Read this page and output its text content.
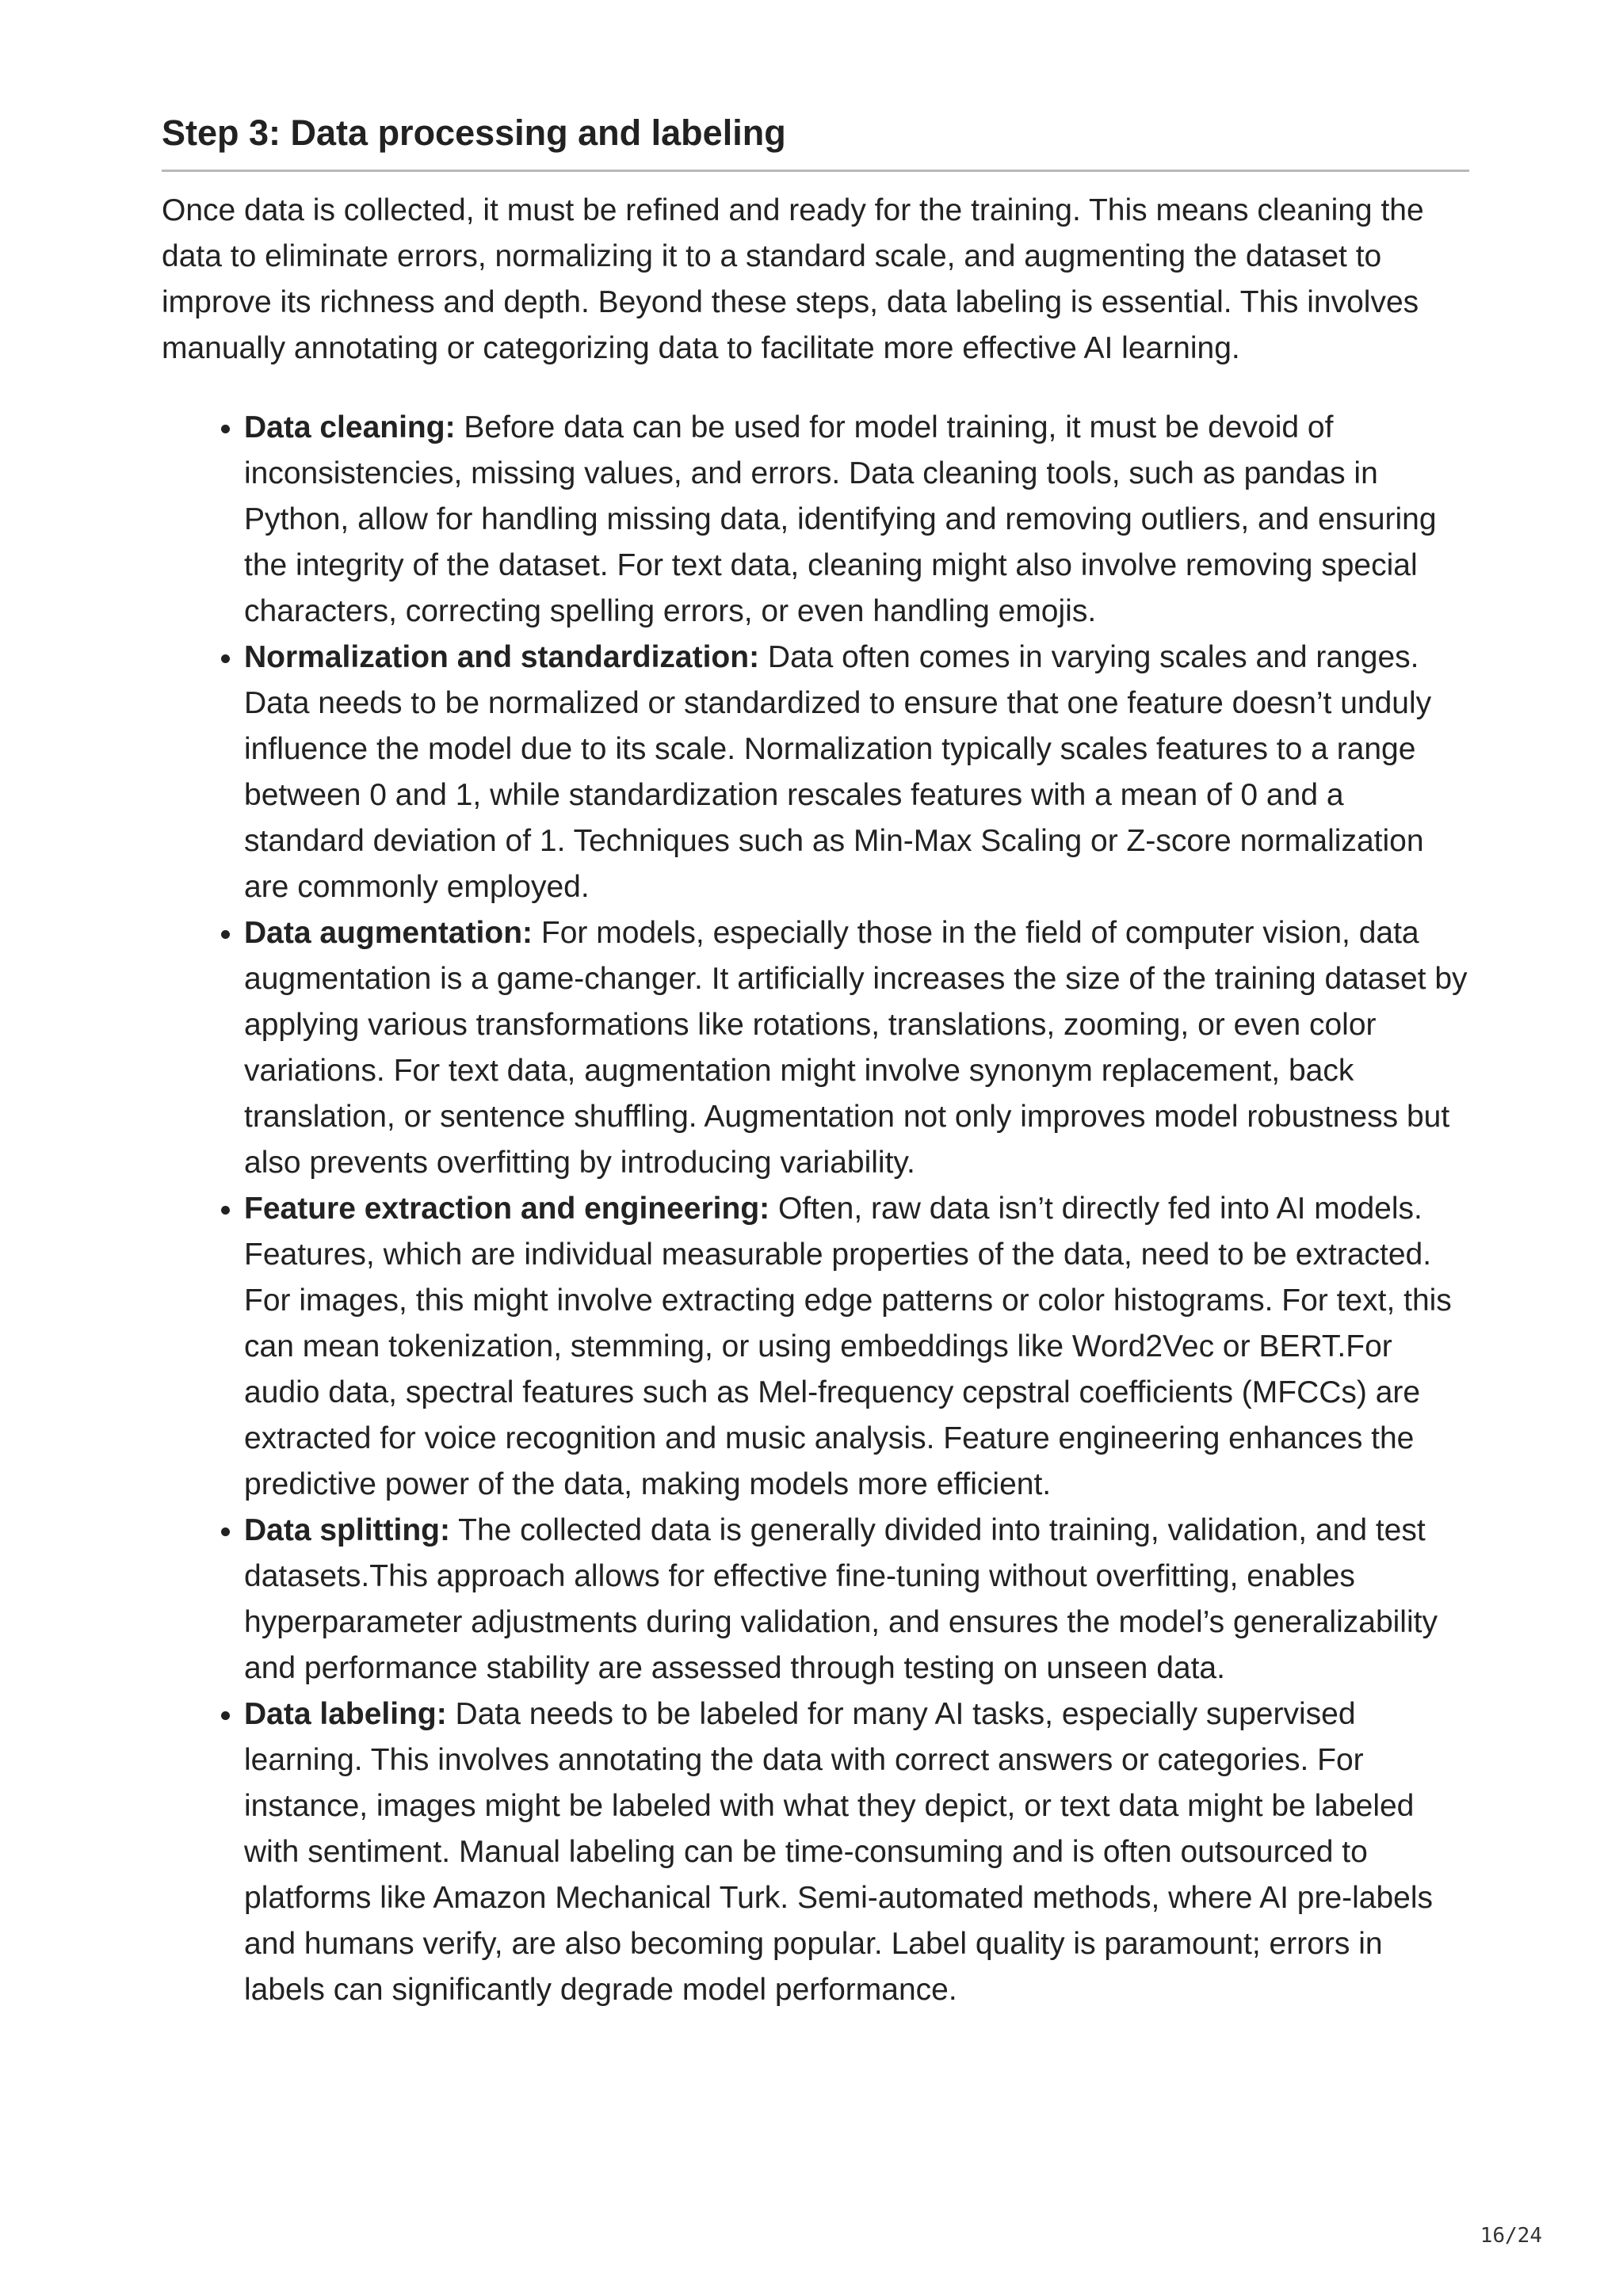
Step 3: Data processing and labeling

Once data is collected, it must be refined and ready for the training. This means cleaning the data to eliminate errors, normalizing it to a standard scale, and augmenting the dataset to improve its richness and depth. Beyond these steps, data labeling is essential. This involves manually annotating or categorizing data to facilitate more effective AI learning.

• Data cleaning: Before data can be used for model training, it must be devoid of inconsistencies, missing values, and errors. Data cleaning tools, such as pandas in Python, allow for handling missing data, identifying and removing outliers, and ensuring the integrity of the dataset. For text data, cleaning might also involve removing special characters, correcting spelling errors, or even handling emojis.
• Normalization and standardization: Data often comes in varying scales and ranges. Data needs to be normalized or standardized to ensure that one feature doesn’t unduly influence the model due to its scale. Normalization typically scales features to a range between 0 and 1, while standardization rescales features with a mean of 0 and a standard deviation of 1. Techniques such as Min-Max Scaling or Z-score normalization are commonly employed.
• Data augmentation: For models, especially those in the field of computer vision, data augmentation is a game-changer. It artificially increases the size of the training dataset by applying various transformations like rotations, translations, zooming, or even color variations. For text data, augmentation might involve synonym replacement, back translation, or sentence shuffling. Augmentation not only improves model robustness but also prevents overfitting by introducing variability.
• Feature extraction and engineering: Often, raw data isn’t directly fed into AI models. Features, which are individual measurable properties of the data, need to be extracted. For images, this might involve extracting edge patterns or color histograms. For text, this can mean tokenization, stemming, or using embeddings like Word2Vec or BERT.For audio data, spectral features such as Mel-frequency cepstral coefficients (MFCCs) are extracted for voice recognition and music analysis. Feature engineering enhances the predictive power of the data, making models more efficient.
• Data splitting: The collected data is generally divided into training, validation, and test datasets.This approach allows for effective fine-tuning without overfitting, enables hyperparameter adjustments during validation, and ensures the model’s generalizability and performance stability are assessed through testing on unseen data.
• Data labeling: Data needs to be labeled for many AI tasks, especially supervised learning. This involves annotating the data with correct answers or categories. For instance, images might be labeled with what they depict, or text data might be labeled with sentiment. Manual labeling can be time-consuming and is often outsourced to platforms like Amazon Mechanical Turk. Semi-automated methods, where AI pre-labels and humans verify, are also becoming popular. Label quality is paramount; errors in labels can significantly degrade model performance.
16/24
